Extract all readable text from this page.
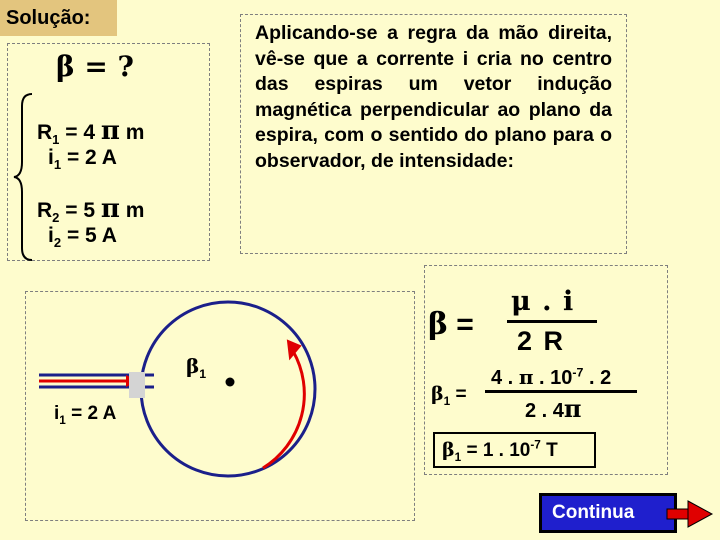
Solução:
β = ?
$R_1 = 4$ π m
$i_1 = 2$ A
$R_2 = 5$ π m
$i_2 = 5$ A
Aplicando-se a regra da mão direita, vê-se que a corrente i cria no centro das espiras um vetor indução magnética perpendicular ao plano da espira, com o sentido do plano para o observador, de intensidade:
$i_1 = 2$ A
$\beta_1$
β =
μ . i
2 R
$\beta_1$ =
4 . π . $10^{-7}$ . 2
2 . 4π
$\beta_1 = 1$ . $10^{-7}$ T
Continua
